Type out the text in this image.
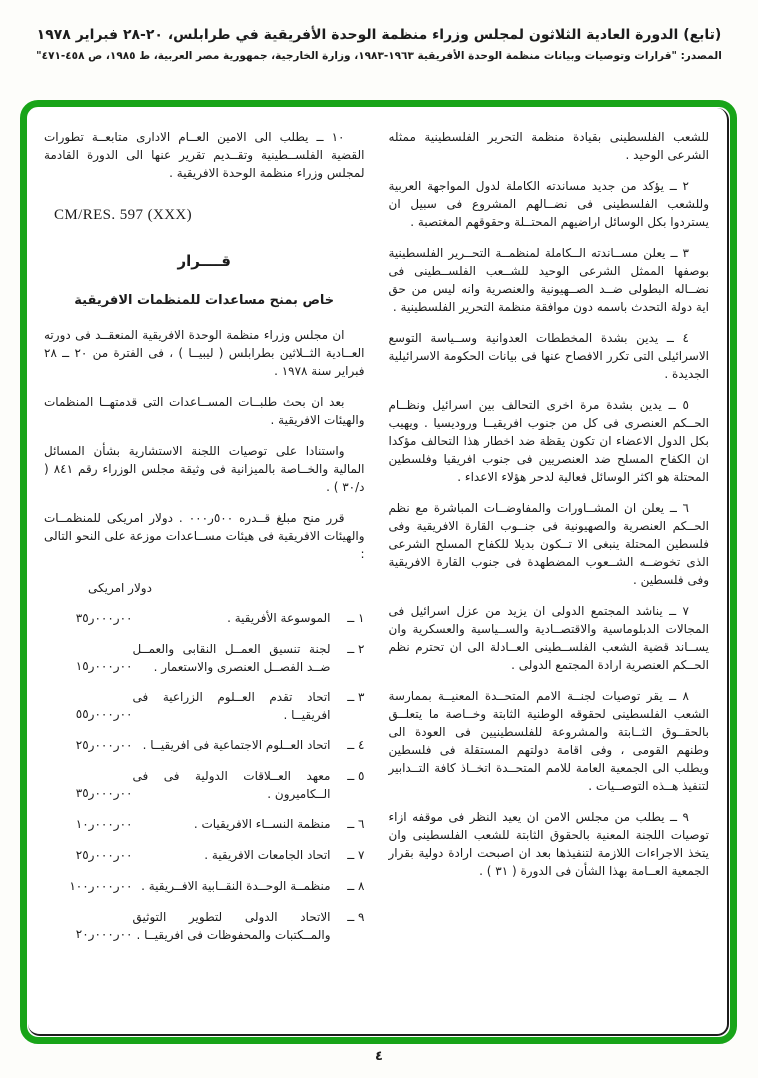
(تابع) الدورة العادية الثلاثون لمجلس وزراء منظمة الوحدة الأفريقية في طرابلس، ٢٠-٢٨ فبراير ١٩٧٨
المصدر: "قرارات وتوصيات وبيانات منظمة الوحدة الأفريقية ١٩٦٣-١٩٨٣، وزارة الخارجية، جمهورية مصر العربية، ط ١٩٨٥، ص ٤٥٨-٤٧١"

للشعب الفلسطينى بقيادة منظمة التحرير الفلسطينية ممثله الشرعى الوحيد .

٢ ــ يؤكد من جديد مساندته الكاملة لدول المواجهة العربية وللشعب الفلسطينى فى نضــالهم المشروع فى سبيل ان يستردوا بكل الوسائل اراضيهم المحتــلة وحقوقهم المغتصبة .

٣ ــ يعلن مســاندته الــكاملة لمنظمــة التحــرير الفلسطينية بوصفها الممثل الشرعى الوحيد للشــعب الفلســطينى فى نضــاله البطولى ضــد الصــهيونية والعنصرية وانه ليس من حق اية دولة التحدث باسمه دون موافقة منظمة التحرير الفلسطينية .

٤ ــ يدين بشدة المخططات العدوانية وســياسة التوسع الاسرائيلى التى تكرر الافصاح عنها فى بيانات الحكومة الاسرائيلية الجديدة .

٥ ــ يدين بشدة مرة اخرى التحالف بين اسرائيل ونظــام الحــكم العنصرى فى كل من جنوب افريقيــا وروديسيا . ويهيب بكل الدول الاعضاء ان تكون يقظة ضد اخطار هذا التحالف مؤكدا ان الكفاح المسلح ضد العنصريين فى جنوب افريقيا وفلسطين المحتلة هو اكثر الوسائل فعالية لدحر هؤلاء الاعداء .

٦ ــ يعلن ان المشــاورات والمفاوضــات المباشرة مع نظم الحــكم العنصرية والصهيونية فى جنــوب القارة الافريقية وفى فلسطين المحتلة ينبغى الا تــكون بديلا للكفاح المسلح الشرعى الذى تخوضــه الشــعوب المضطهدة فى جنوب القارة الافريقية وفى فلسطين .

٧ ــ يناشد المجتمع الدولى ان يزيد من عزل اسرائيل فى المجالات الدبلوماسية والاقتصــادية والســياسية والعسكرية وان يســاند قضية الشعب الفلســطينى العــادلة الى ان تحترم نظم الحــكم العنصرية ارادة المجتمع الدولى .

٨ ــ يقر توصيات لجنــة الامم المتحــدة المعنيــة بممارسة الشعب الفلسطينى لحقوقه الوطنية الثابتة وخــاصة ما يتعلــق بالحقــوق الثــابتة والمشروعة للفلسطينيين فى العودة الى وطنهم القومى ، وفى اقامة دولتهم المستقلة فى فلسطين ويطلب الى الجمعية العامة للامم المتحــدة اتخــاذ كافة التــدابير لتنفيذ هــذه التوصــيات .

٩ ــ يطلب من مجلس الامن ان يعيد النظر فى موقفه ازاء توصيات اللجنة المعنية بالحقوق الثابتة للشعب الفلسطينى وان يتخذ الاجراءات اللازمة لتنفيذها بعد ان اصبحت ارادة دولية بقرار الجمعية العــامة بهذا الشأن فى الدورة ( ٣١ ) .

١٠ ــ يطلب الى الامين العــام الادارى متابعــة تطورات القضية الفلســطينية وتقــديم تقرير عنها الى الدورة القادمة لمجلس وزراء منظمة الوحدة الافريقية .

CM/RES. 597 (XXX)
قــــرار
خاص بمنح مساعدات للمنظمات الافريقية

ان مجلس وزراء منظمة الوحدة الافريقية المنعقــد فى دورته العــادية الثــلاثين بطرابلس ( ليبيــا ) ، فى الفترة من ٢٠ ــ ٢٨ فبراير سنة ١٩٧٨ .

بعد ان بحث طلبــات المســاعدات التى قدمتهــا المنظمات والهيئات الافريقية .

واستنادا على توصيات اللجنة الاستشارية بشأن المسائل المالية والخــاصة بالميزانية فى وثيقة مجلس الوزراء رقم ٨٤١ ( د/٣٠ ) .

قرر منح مبلغ قــدره ٥٠٠ر٠٠٠ . دولار امريكى للمنظمــات والهيئات الافريقية فى هيئات مســاعدات موزعة على النحو التالى :

دولار امريكى
١ ــ
الموسوعة الأفريقية .
٣٥ر٠٠٠ر٠٠
٢ ــ
لجنة تنسيق العمــل النقابى والعمــل ضــد الفصــل العنصرى والاستعمار .
١٥ر٠٠٠ر٠٠
٣ ــ
اتحاد تقدم العــلوم الزراعية فى افريقيــا .
٥٥ر٠٠٠ر٠٠
٤ ــ
اتحاد العــلوم الاجتماعية فى افريقيــا .
٢٥ر٠٠٠ر٠٠
٥ ــ
معهد العــلاقات الدولية فى فى الــكاميرون .
٣٥ر٠٠٠ر٠٠
٦ ــ
منظمة النســاء الافريقيات .
١٠ر٠٠٠ر٠٠
٧ ــ
اتحاد الجامعات الافريقية .
٢٥ر٠٠٠ر٠٠
٨ ــ
منظمــة الوحــدة النقــابية الافــريقية .
١٠٠ر٠٠٠ر٠٠
٩ ــ
الاتحاد الدولى لتطوير التوثيق والمــكتبات والمحفوظات فى افريقيــا .
٢٠ر٠٠٠ر٠٠
٤
